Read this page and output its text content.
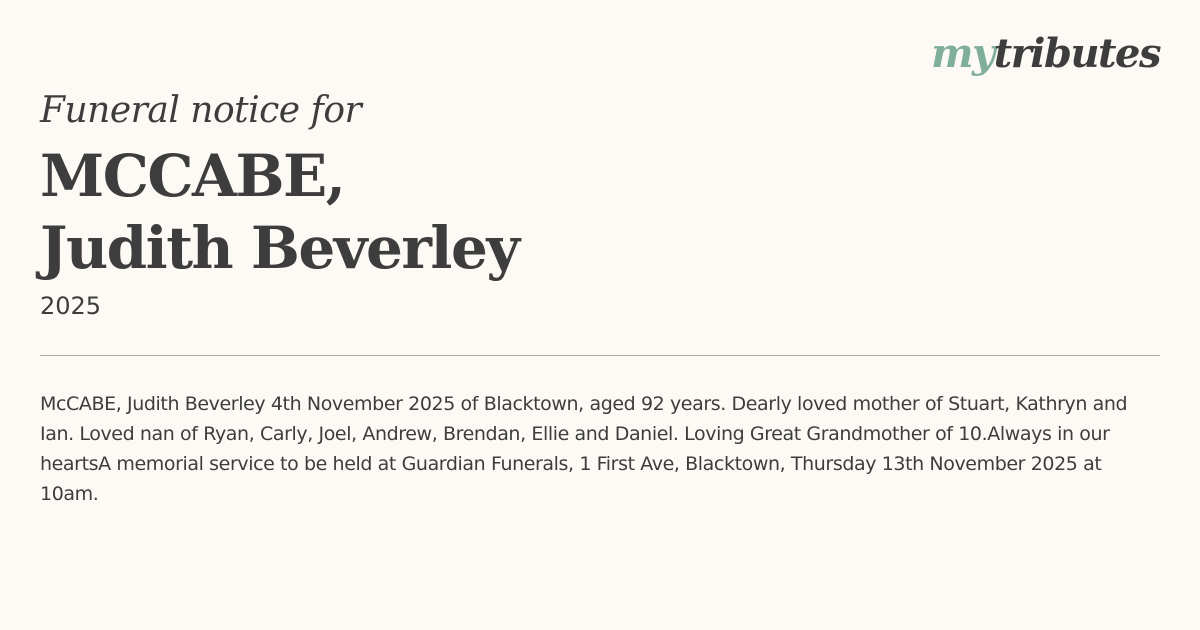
mytributes
Funeral notice for
MCCABE,
Judith Beverley
2025
McCABE, Judith Beverley 4th November 2025 of Blacktown, aged 92 years. Dearly loved mother of Stuart, Kathryn and Ian. Loved nan of Ryan, Carly, Joel, Andrew, Brendan, Ellie and Daniel. Loving Great Grandmother of 10.Always in our heartsA memorial service to be held at Guardian Funerals, 1 First Ave, Blacktown, Thursday 13th November 2025 at 10am.
